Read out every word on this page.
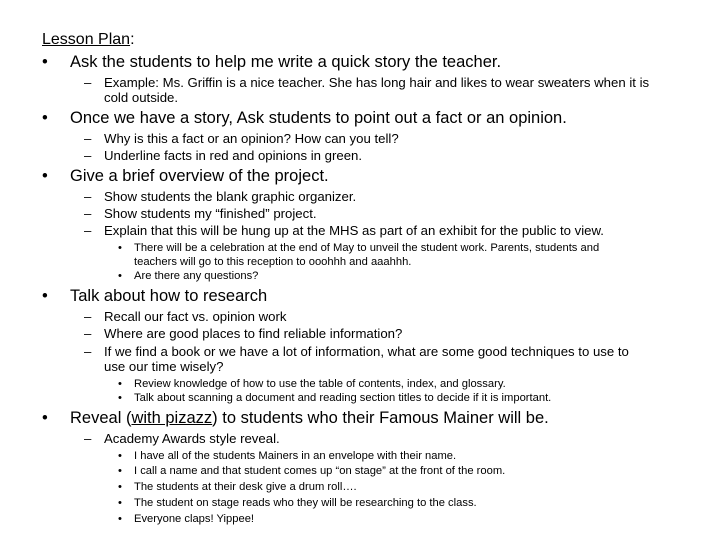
Lesson Plan:
• Ask the students to help me write a quick story the teacher.
– Example: Ms. Griffin is a nice teacher. She has long hair and likes to wear sweaters when it is
cold outside.
• Once we have a story, Ask students to point out a fact or an opinion.
– Why is this a fact or an opinion? How can you tell?
– Underline facts in red and opinions in green.
• Give a brief overview of the project.
– Show students the blank graphic organizer.
– Show students my “finished” project.
– Explain that this will be hung up at the MHS as part of an exhibit for the public to view.
• There will be a celebration at the end of May to unveil the student work. Parents, students and
teachers will go to this reception to ooohhh and aaahhh.
• Are there any questions?
• Talk about how to research
– Recall our fact vs. opinion work
– Where are good places to find reliable information?
– If we find a book or we have a lot of information, what are some good techniques to use to
use our time wisely?
• Review knowledge of how to use the table of contents, index, and glossary.
• Talk about scanning a document and reading section titles to decide if it is important.
• Reveal (with pizazz) to students who their Famous Mainer will be.
– Academy Awards style reveal.
• I have all of the students Mainers in an envelope with their name.
• I call a name and that student comes up “on stage” at the front of the room.
• The students at their desk give a drum roll….
• The student on stage reads who they will be researching to the class.
• Everyone claps! Yippee!
